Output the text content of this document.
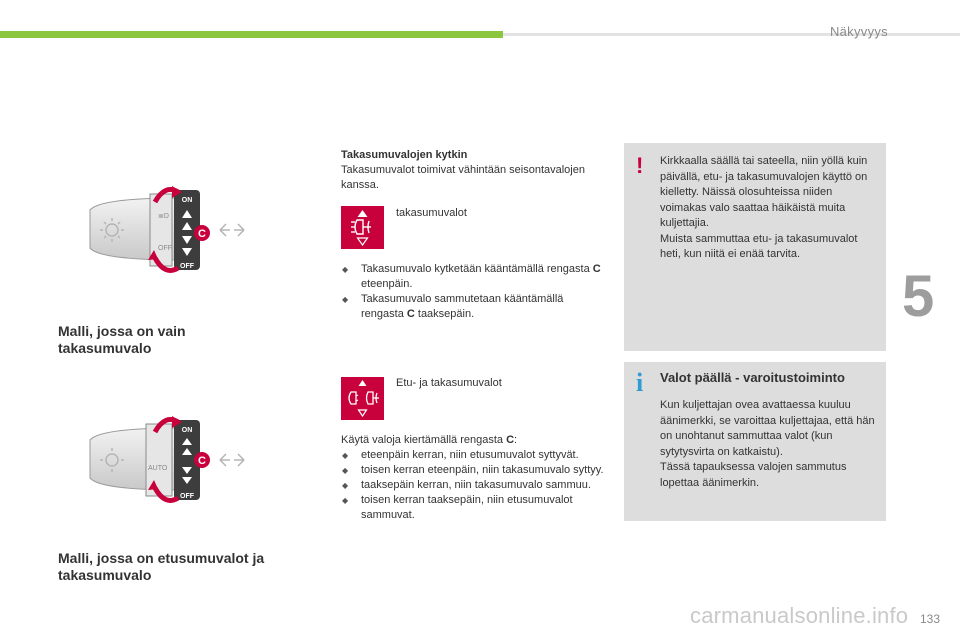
Näkyvyys
ON
OFF
≣D
OFF
C
Malli, jossa on vain takasumuvalo
AUTO
ON
OFF
C
Malli, jossa on etusumuvalot ja takasumuvalo
Takasumuvalojen kytkin
Takasumuvalot toimivat vähintään seisontavalojen kanssa.
takasumuvalot
◆ Takasumuvalo kytketään kääntämällä rengasta C eteenpäin.
◆ Takasumuvalo sammutetaan kääntämällä rengasta C taaksepäin.
Etu- ja takasumuvalot
Käytä valoja kiertämällä rengasta C:
◆ eteenpäin kerran, niin etusumuvalot syttyvät.
◆ toisen kerran eteenpäin, niin takasumuvalo syttyy.
◆ taaksepäin kerran, niin takasumuvalo sammuu.
◆ toisen kerran taaksepäin, niin etusumuvalot sammuvat.
! Kirkkaalla säällä tai sateella, niin yöllä kuin päivällä, etu- ja takasumuvalojen käyttö on kielletty. Näissä olosuhteissa niiden voimakas valo saattaa häikäistä muita kuljettajia.
Muista sammuttaa etu- ja takasumuvalot heti, kun niitä ei enää tarvita.
i Valot päällä - varoitustoiminto
Kun kuljettajan ovea avattaessa kuuluu äänimerkki, se varoittaa kuljettajaa, että hän on unohtanut sammuttaa valot (kun sytytysvirta on katkaistu).
Tässä tapauksessa valojen sammutus lopettaa äänimerkin.
5
carmanualsonline.info 133
